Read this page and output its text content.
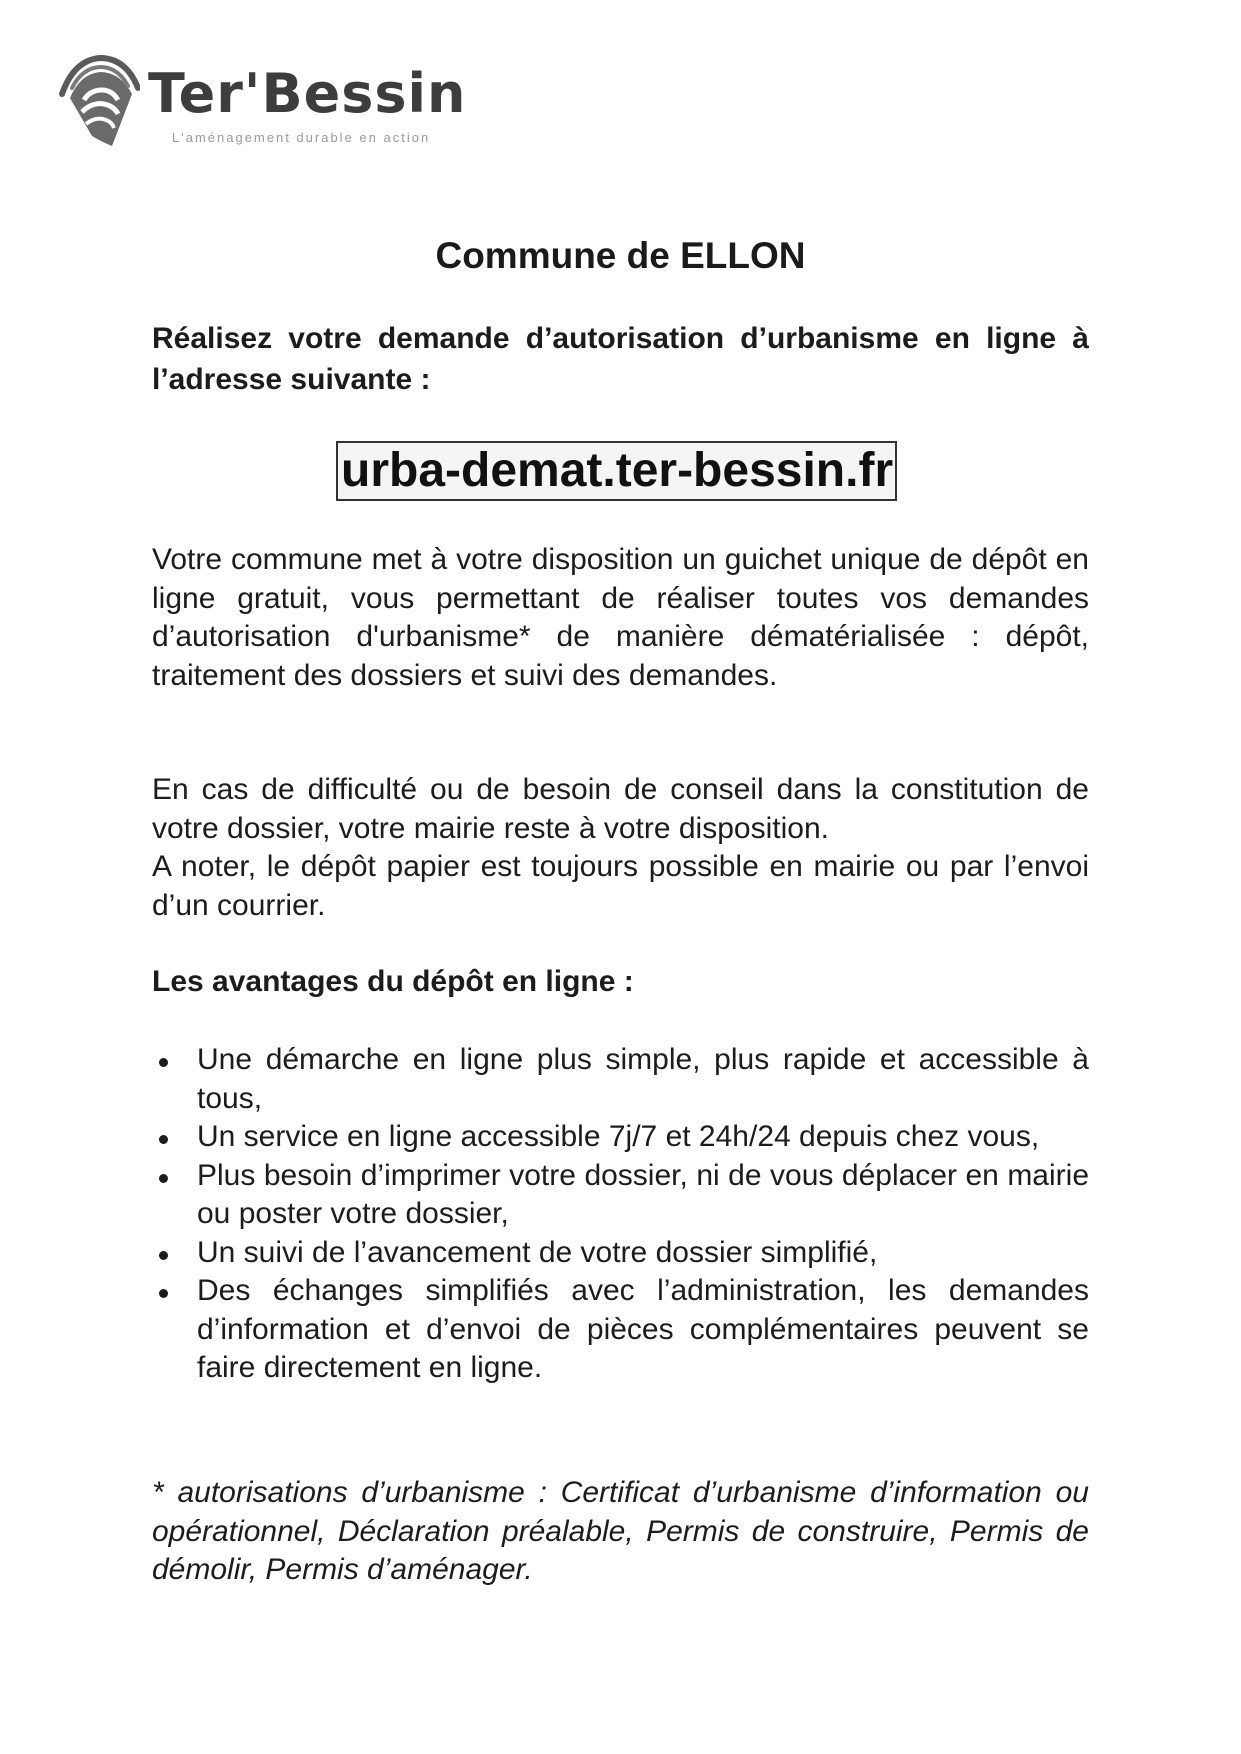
Ter'Bessin
L'aménagement durable en action
Commune de ELLON

Réalisez votre demande d’autorisation d’urbanisme en ligne à l’adresse suivante :

urba-demat.ter-bessin.fr

Votre commune met à votre disposition un guichet unique de dépôt en ligne gratuit, vous permettant de réaliser toutes vos demandes d’autorisation d'urbanisme* de manière dématérialisée : dépôt, traitement des dossiers et suivi des demandes.

En cas de difficulté ou de besoin de conseil dans la constitution de votre dossier, votre mairie reste à votre disposition.

A noter, le dépôt papier est toujours possible en mairie ou par l’envoi d’un courrier.

Les avantages du dépôt en ligne :
Une démarche en ligne plus simple, plus rapide et accessible à tous,
Un service en ligne accessible 7j/7 et 24h/24 depuis chez vous,
Plus besoin d’imprimer votre dossier, ni de vous déplacer en mairie ou poster votre dossier,
Un suivi de l’avancement de votre dossier simplifié,
Des échanges simplifiés avec l’administration, les demandes d’information et d’envoi de pièces complémentaires peuvent se faire directement en ligne.

* autorisations d’urbanisme : Certificat d’urbanisme d’information ou opérationnel, Déclaration préalable, Permis de construire, Permis de démolir, Permis d’aménager.
